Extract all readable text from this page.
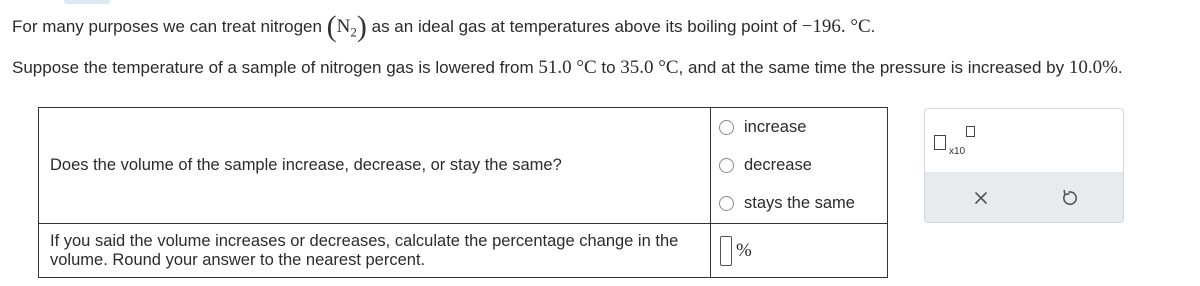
For many purposes we can treat nitrogen $(N_2)$ as an ideal gas at temperatures above its boiling point of −196. °C.
Suppose the temperature of a sample of nitrogen gas is lowered from 51.0 °C to 35.0 °C, and at the same time the pressure is increased by 10.0%.
Does the volume of the sample increase, decrease, or stay the same?	increase
decrease
stays the same

If you said the volume increases or decreases, calculate the percentage change in the volume. Round your answer to the nearest percent.	%
x10
